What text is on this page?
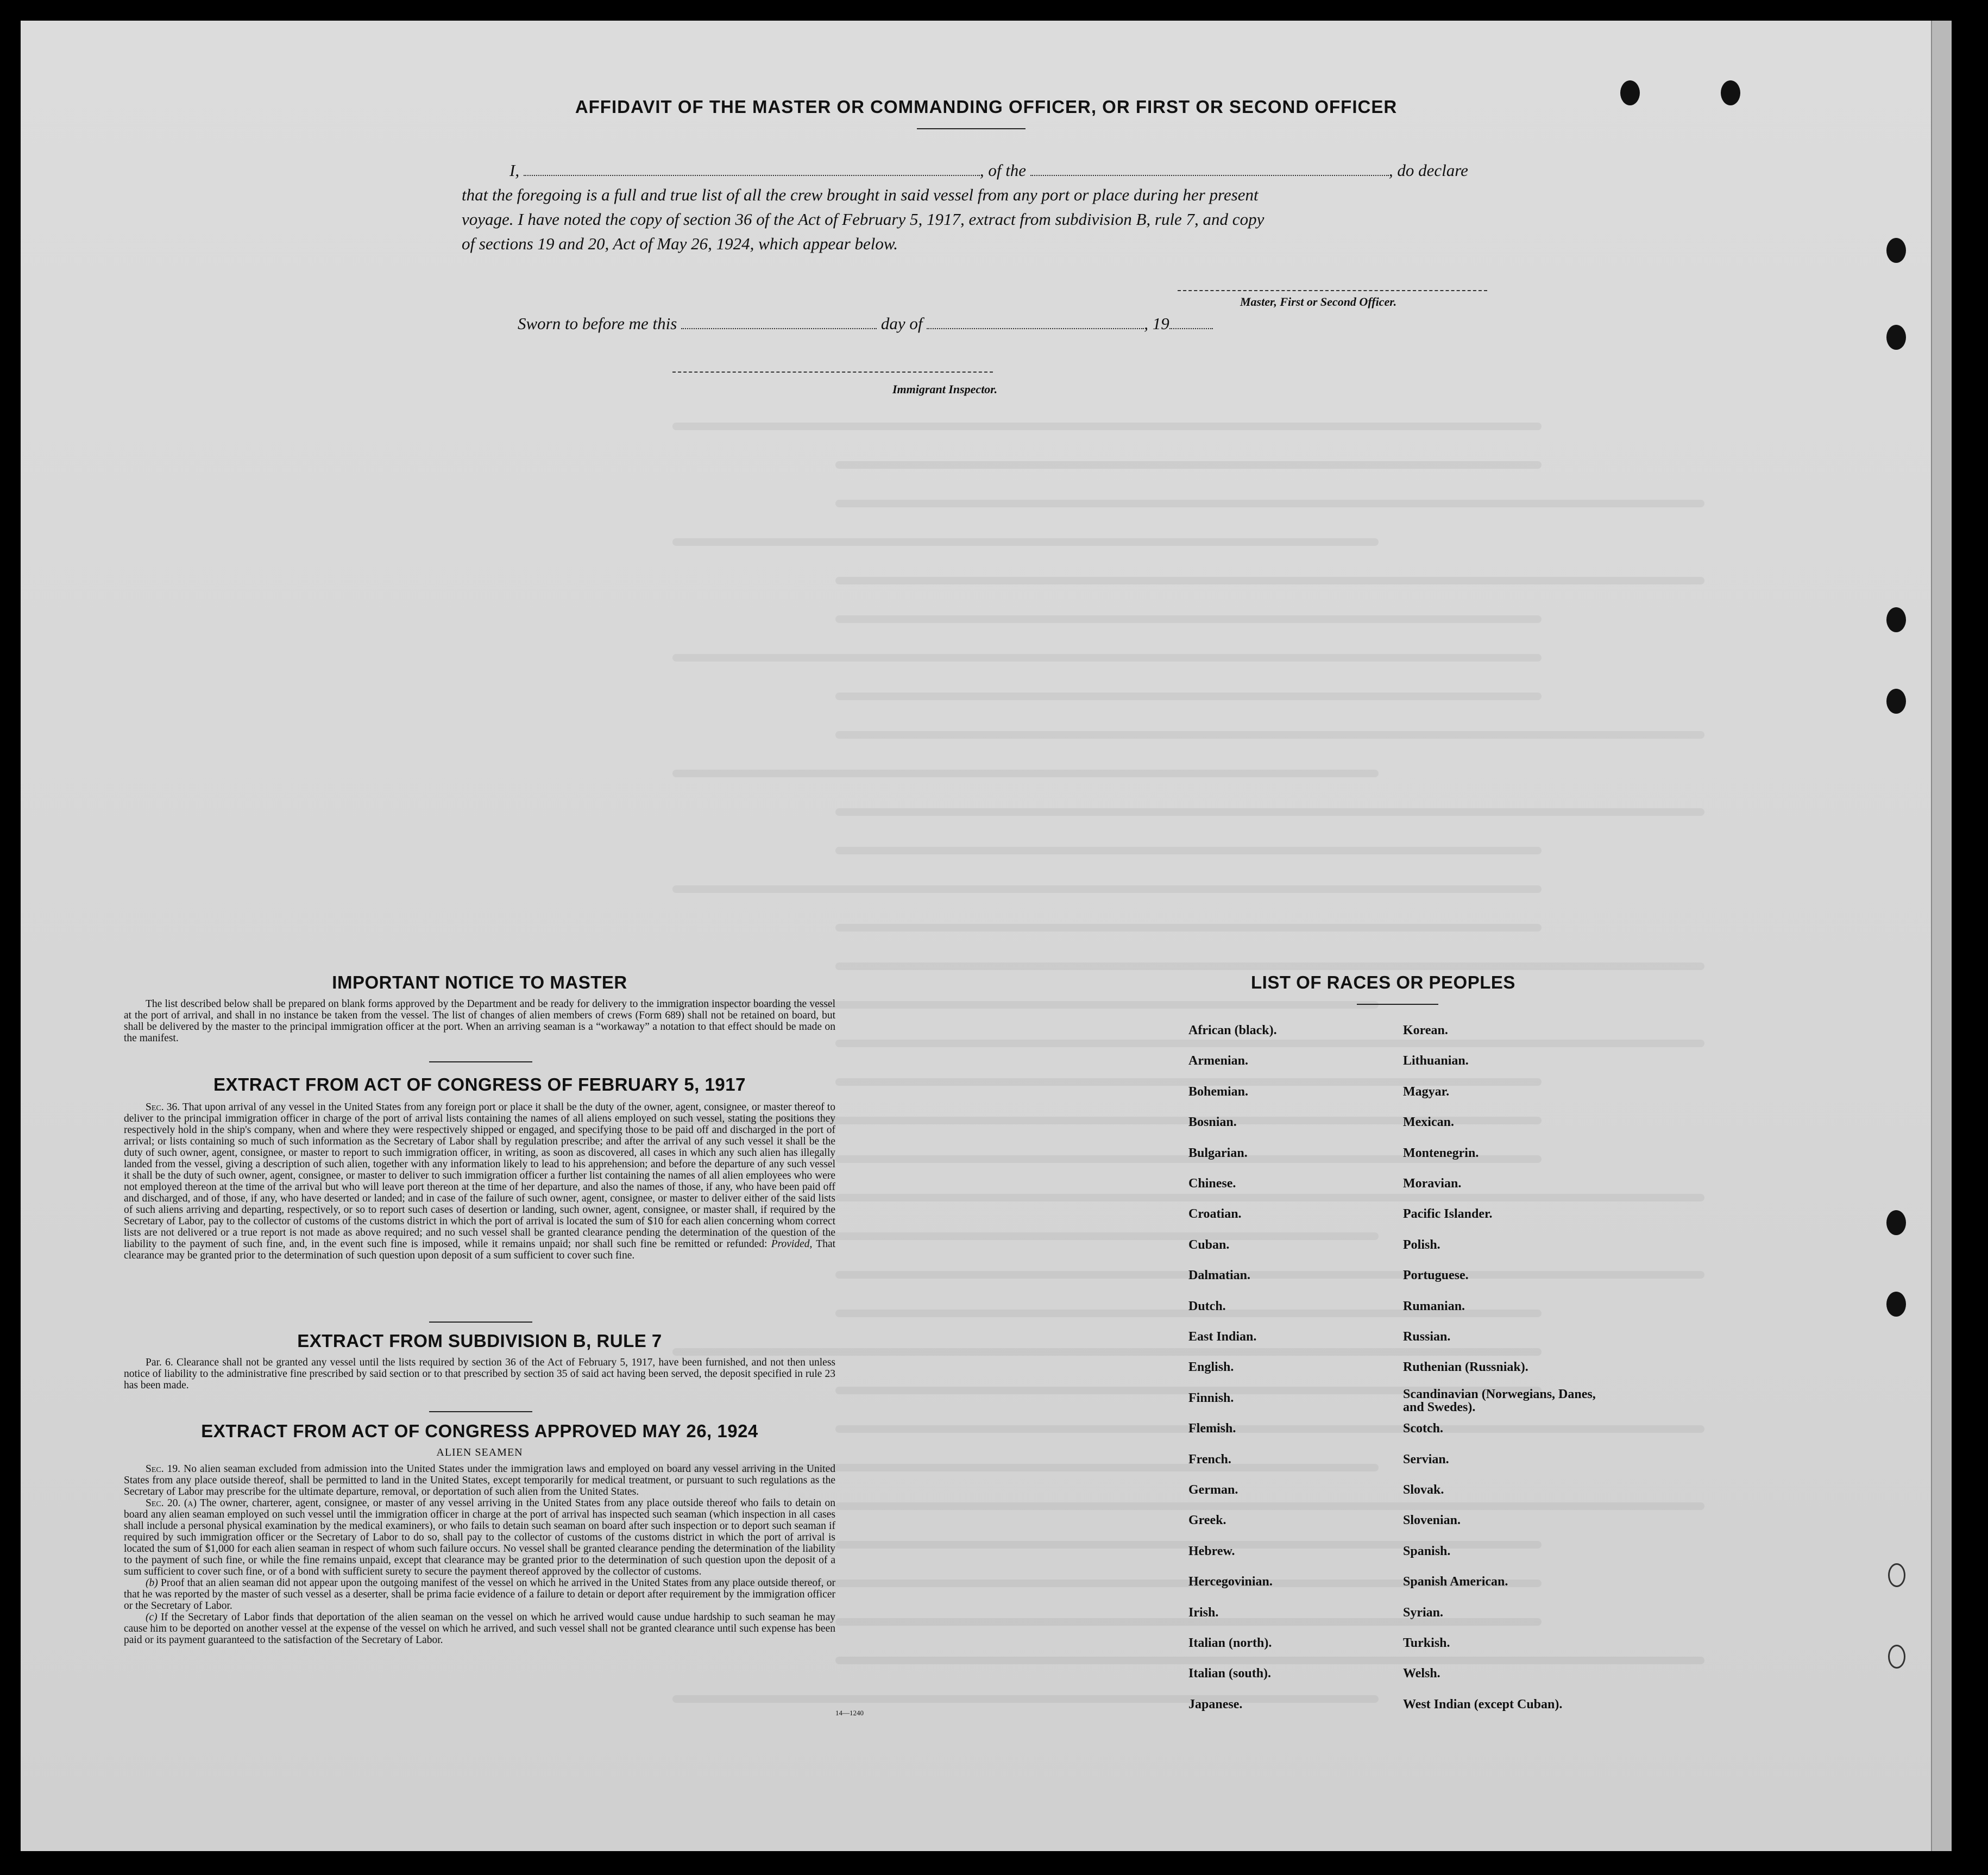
AFFIDAVIT OF THE MASTER OR COMMANDING OFFICER, OR FIRST OR SECOND OFFICER
I,	, of the	, do declare
that the foregoing is a full and true list of all the crew brought in said vessel from any port or place during her present
voyage. I have noted the copy of section 36 of the Act of February 5, 1917, extract from subdivision B, rule 7, and copy
of sections 19 and 20, Act of May 26, 1924, which appear below.
Master, First or Second Officer.
Sworn to before me this	day of	, 19
Immigrant Inspector.
IMPORTANT NOTICE TO MASTER

The list described below shall be prepared on blank forms approved by the Department and be ready for delivery to the immigration inspector boarding the vessel at the port of arrival, and shall in no instance be taken from the vessel. The list of changes of alien members of crews (Form 689) shall not be retained on board, but shall be delivered by the master to the principal immigration officer at the port. When an arriving seaman is a “workaway” a notation to that effect should be made on the manifest.

EXTRACT FROM ACT OF CONGRESS OF FEBRUARY 5, 1917

Sec. 36. That upon arrival of any vessel in the United States from any foreign port or place it shall be the duty of the owner, agent, consignee, or master thereof to deliver to the principal immigration officer in charge of the port of arrival lists containing the names of all aliens employed on such vessel, stating the positions they respectively hold in the ship's company, when and where they were respectively shipped or engaged, and specifying those to be paid off and discharged in the port of arrival; or lists containing so much of such information as the Secretary of Labor shall by regulation prescribe; and after the arrival of any such vessel it shall be the duty of such owner, agent, consignee, or master to report to such immigration officer, in writing, as soon as discovered, all cases in which any such alien has illegally landed from the vessel, giving a description of such alien, together with any information likely to lead to his apprehension; and before the departure of any such vessel it shall be the duty of such owner, agent, consignee, or master to deliver to such immigration officer a further list containing the names of all alien employees who were not employed thereon at the time of the arrival but who will leave port thereon at the time of her departure, and also the names of those, if any, who have been paid off and discharged, and of those, if any, who have deserted or landed; and in case of the failure of such owner, agent, consignee, or master to deliver either of the said lists of such aliens arriving and departing, respectively, or so to report such cases of desertion or landing, such owner, agent, consignee, or master shall, if required by the Secretary of Labor, pay to the collector of customs of the customs district in which the port of arrival is located the sum of $10 for each alien concerning whom correct lists are not delivered or a true report is not made as above required; and no such vessel shall be granted clearance pending the determination of the question of the liability to the payment of such fine, and, in the event such fine is imposed, while it remains unpaid; nor shall such fine be remitted or refunded: Provided, That clearance may be granted prior to the determination of such question upon deposit of a sum sufficient to cover such fine.

EXTRACT FROM SUBDIVISION B, RULE 7

Par. 6. Clearance shall not be granted any vessel until the lists required by section 36 of the Act of February 5, 1917, have been furnished, and not then unless notice of liability to the administrative fine prescribed by said section or to that prescribed by section 35 of said act having been served, the deposit specified in rule 23 has been made.

EXTRACT FROM ACT OF CONGRESS APPROVED MAY 26, 1924
ALIEN SEAMEN

Sec. 19. No alien seaman excluded from admission into the United States under the immigration laws and employed on board any vessel arriving in the United States from any place outside thereof, shall be permitted to land in the United States, except temporarily for medical treatment, or pursuant to such regulations as the Secretary of Labor may prescribe for the ultimate departure, removal, or deportation of such alien from the United States.

Sec. 20. (a) The owner, charterer, agent, consignee, or master of any vessel arriving in the United States from any place outside thereof who fails to detain on board any alien seaman employed on such vessel until the immigration officer in charge at the port of arrival has inspected such seaman (which inspection in all cases shall include a personal physical examination by the medical examiners), or who fails to detain such seaman on board after such inspection or to deport such seaman if required by such immigration officer or the Secretary of Labor to do so, shall pay to the collector of customs of the customs district in which the port of arrival is located the sum of $1,000 for each alien seaman in respect of whom such failure occurs. No vessel shall be granted clearance pending the determination of the liability to the payment of such fine, or while the fine remains unpaid, except that clearance may be granted prior to the determination of such question upon the deposit of a sum sufficient to cover such fine, or of a bond with sufficient surety to secure the payment thereof approved by the collector of customs.

(b) Proof that an alien seaman did not appear upon the outgoing manifest of the vessel on which he arrived in the United States from any place outside thereof, or that he was reported by the master of such vessel as a deserter, shall be prima facie evidence of a failure to detain or deport after requirement by the immigration officer or the Secretary of Labor.

(c) If the Secretary of Labor finds that deportation of the alien seaman on the vessel on which he arrived would cause undue hardship to such seaman he may cause him to be deported on another vessel at the expense of the vessel on which he arrived, and such vessel shall not be granted clearance until such expense has been paid or its payment guaranteed to the satisfaction of the Secretary of Labor.

14—1240
LIST OF RACES OR PEOPLES
African (black).
Armenian.
Bohemian.
Bosnian.
Bulgarian.
Chinese.
Croatian.
Cuban.
Dalmatian.
Dutch.
East Indian.
English.
Finnish.
Flemish.
French.
German.
Greek.
Hebrew.
Hercegovinian.
Irish.
Italian (north).
Italian (south).
Japanese.
Korean.
Lithuanian.
Magyar.
Mexican.
Montenegrin.
Moravian.
Pacific Islander.
Polish.
Portuguese.
Rumanian.
Russian.
Ruthenian (Russniak).
Scandinavian (Norwegians, Danes, and Swedes).
Scotch.
Servian.
Slovak.
Slovenian.
Spanish.
Spanish American.
Syrian.
Turkish.
Welsh.
West Indian (except Cuban).
